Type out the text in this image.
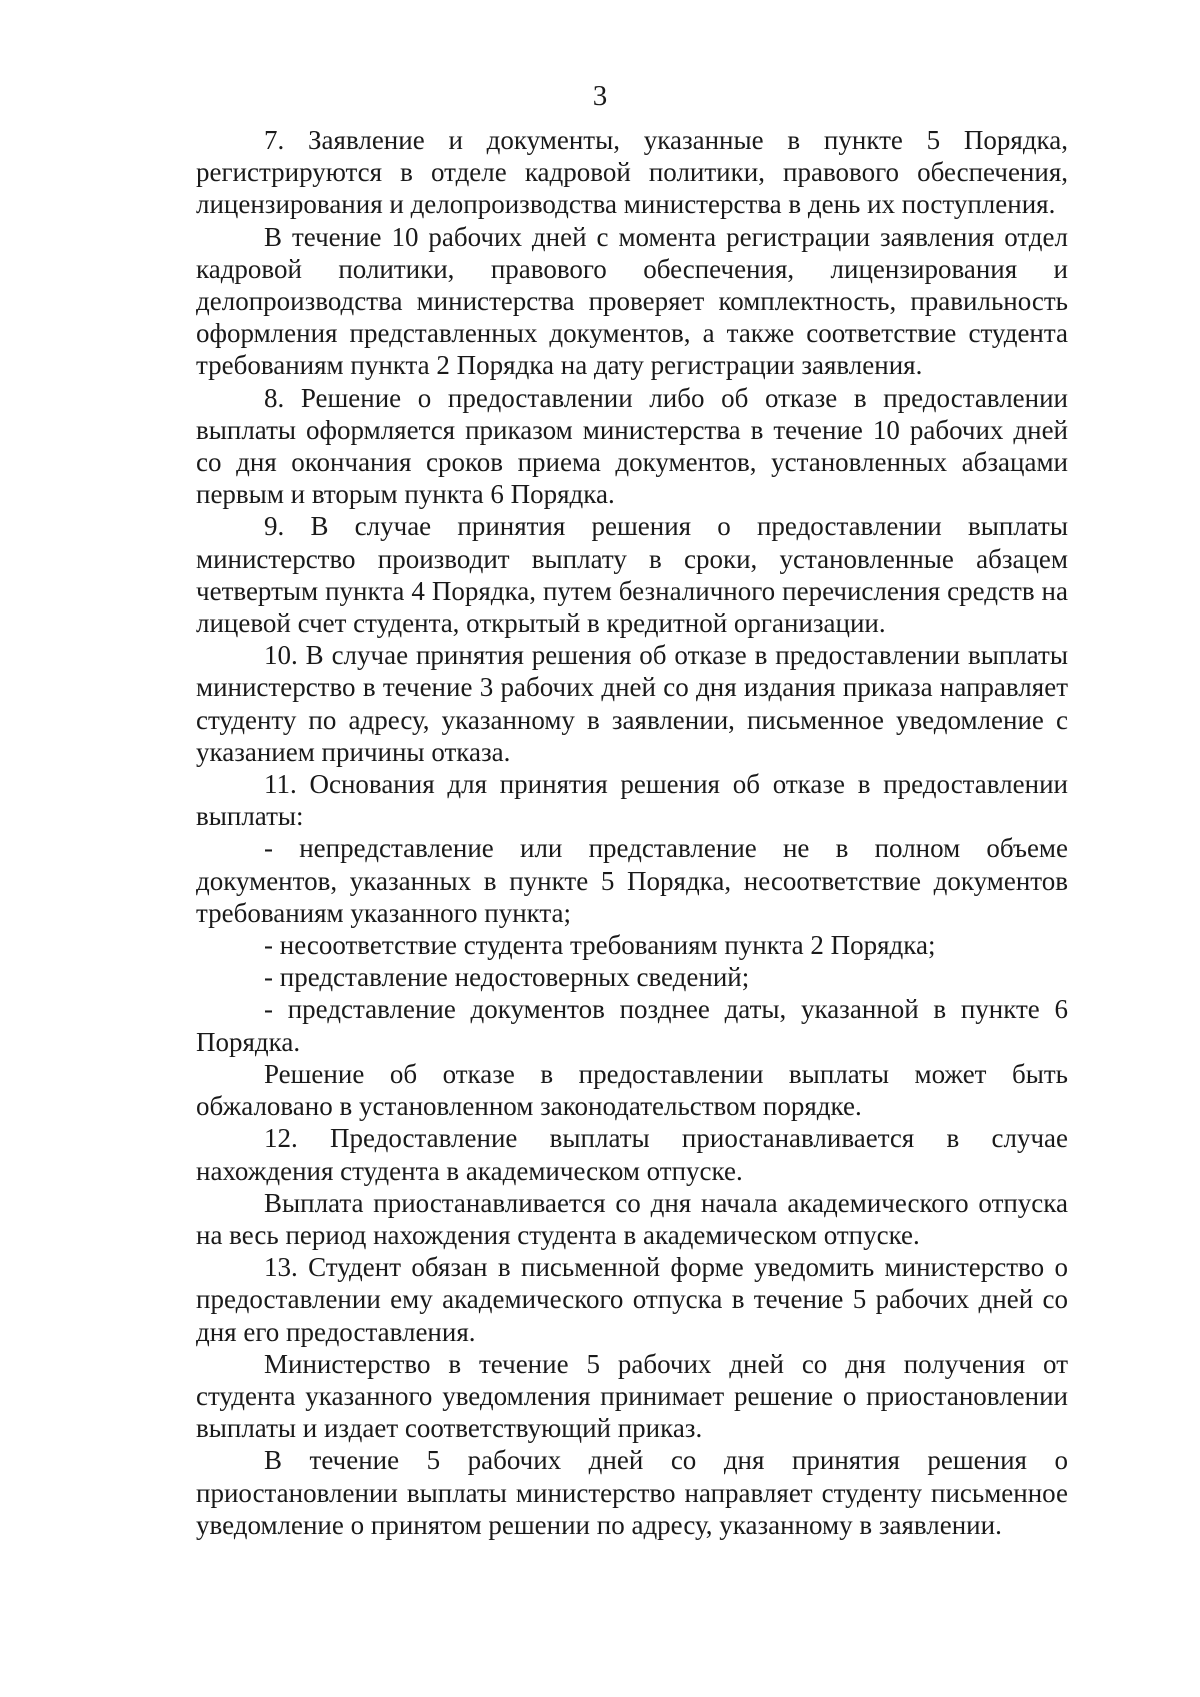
3

7. Заявление и документы, указанные в пункте 5 Порядка, регистрируются в отделе кадровой политики, правового обеспечения, лицензирования и делопроизводства министерства в день их поступления.

В течение 10 рабочих дней с момента регистрации заявления отдел кадровой политики, правового обеспечения, лицензирования и делопроизводства министерства проверяет комплектность, правильность оформления представленных документов, а также соответствие студента требованиям пункта 2 Порядка на дату регистрации заявления.

8. Решение о предоставлении либо об отказе в предоставлении выплаты оформляется приказом министерства в течение 10 рабочих дней со дня окончания сроков приема документов, установленных абзацами первым и вторым пункта 6 Порядка.

9. В случае принятия решения о предоставлении выплаты министерство производит выплату в сроки, установленные абзацем четвертым пункта 4 Порядка, путем безналичного перечисления средств на лицевой счет студента, открытый в кредитной организации.

10. В случае принятия решения об отказе в предоставлении выплаты министерство в течение 3 рабочих дней со дня издания приказа направляет студенту по адресу, указанному в заявлении, письменное уведомление с указанием причины отказа.

11. Основания для принятия решения об отказе в предоставлении выплаты:

- непредставление или представление не в полном объеме документов, указанных в пункте 5 Порядка, несоответствие документов требованиям указанного пункта;

- несоответствие студента требованиям пункта 2 Порядка;

- представление недостоверных сведений;

- представление документов позднее даты, указанной в пункте 6 Порядка.

Решение об отказе в предоставлении выплаты может быть обжаловано в установленном законодательством порядке.

12. Предоставление выплаты приостанавливается в случае нахождения студента в академическом отпуске.

Выплата приостанавливается со дня начала академического отпуска на весь период нахождения студента в академическом отпуске.

13. Студент обязан в письменной форме уведомить министерство о предоставлении ему академического отпуска в течение 5 рабочих дней со дня его предоставления.

Министерство в течение 5 рабочих дней со дня получения от студента указанного уведомления принимает решение о приостановлении выплаты и издает соответствующий приказ.

В течение 5 рабочих дней со дня принятия решения о приостановлении выплаты министерство направляет студенту письменное уведомление о принятом решении по адресу, указанному в заявлении.
